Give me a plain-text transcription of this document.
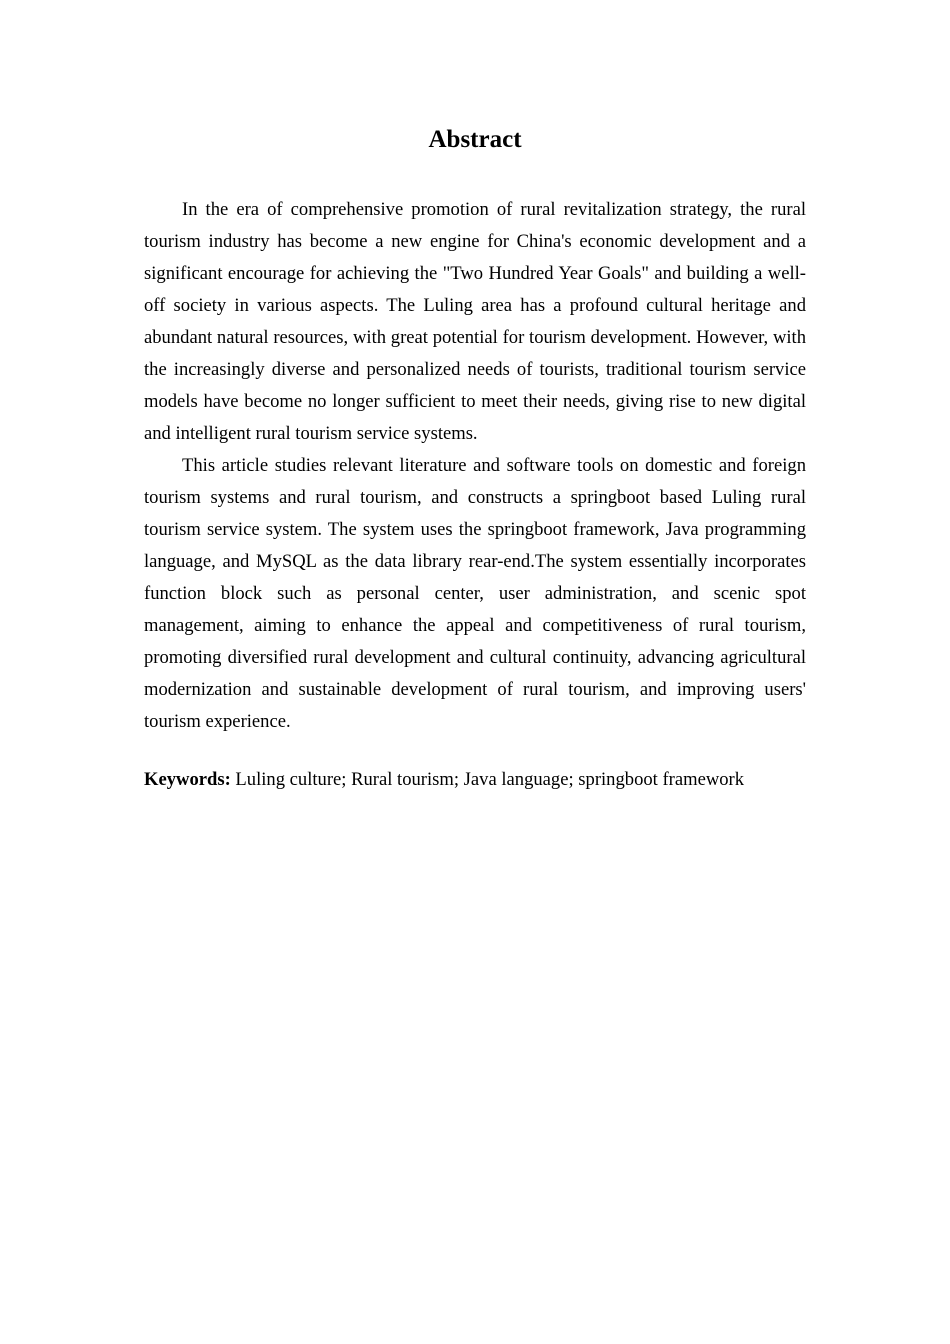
Abstract

In the era of comprehensive promotion of rural revitalization strategy, the rural tourism industry has become a new engine for China's economic development and a significant encourage for achieving the "Two Hundred Year Goals" and building a well-off society in various aspects. The Luling area has a profound cultural heritage and abundant natural resources, with great potential for tourism development. However, with the increasingly diverse and personalized needs of tourists, traditional tourism service models have become no longer sufficient to meet their needs, giving rise to new digital and intelligent rural tourism service systems.

This article studies relevant literature and software tools on domestic and foreign tourism systems and rural tourism, and constructs a springboot based Luling rural tourism service system. The system uses the springboot framework, Java programming language, and MySQL as the data library rear-end.The system essentially incorporates function block such as personal center, user administration, and scenic spot management, aiming to enhance the appeal and competitiveness of rural tourism, promoting diversified rural development and cultural continuity, advancing agricultural modernization and sustainable development of rural tourism, and improving users' tourism experience.

Keywords: Luling culture; Rural tourism; Java language; springboot framework
